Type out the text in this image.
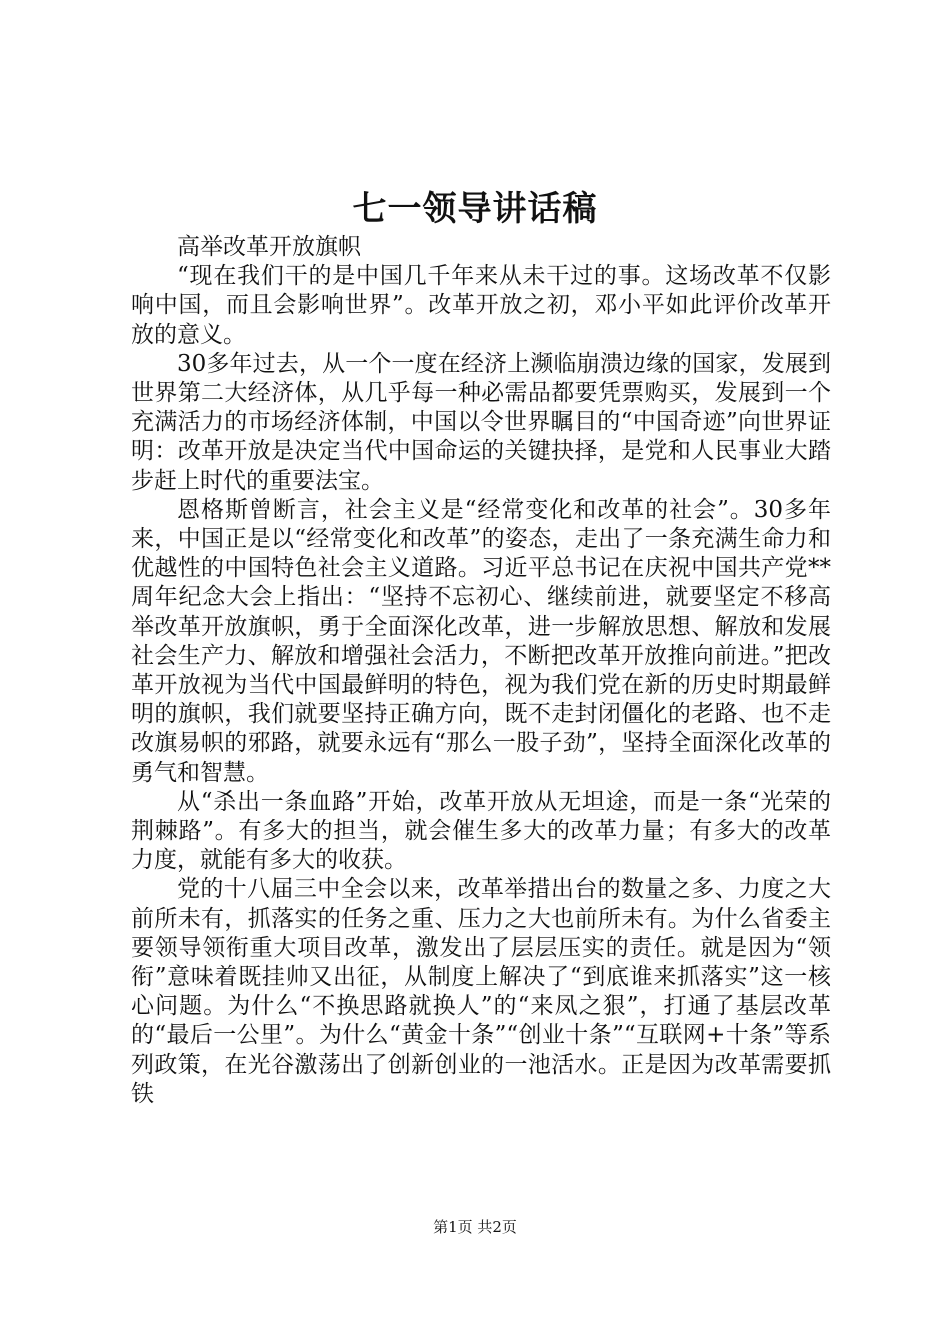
七一领导讲话稿

高举改革开放旗帜

“现在我们干的是中国几千年来从未干过的事。这场改革不仅影响中国，而且会影响世界”。改革开放之初，邓小平如此评价改革开放的意义。

30多年过去，从一个一度在经济上濒临崩溃边缘的国家，发展到世界第二大经济体，从几乎每一种必需品都要凭票购买，发展到一个充满活力的市场经济体制，中国以令世界瞩目的“中国奇迹”向世界证明：改革开放是决定当代中国命运的关键抉择，是党和人民事业大踏步赶上时代的重要法宝。

恩格斯曾断言，社会主义是“经常变化和改革的社会”。30多年来，中国正是以“经常变化和改革”的姿态，走出了一条充满生命力和优越性的中国特色社会主义道路。习近平总书记在庆祝中国共产党**周年纪念大会上指出：“坚持不忘初心、继续前进，就要坚定不移高举改革开放旗帜，勇于全面深化改革，进一步解放思想、解放和发展社会生产力、解放和增强社会活力，不断把改革开放推向前进。”把改革开放视为当代中国最鲜明的特色，视为我们党在新的历史时期最鲜明的旗帜，我们就要坚持正确方向，既不走封闭僵化的老路、也不走改旗易帜的邪路，就要永远有“那么一股子劲”，坚持全面深化改革的勇气和智慧。

从“杀出一条血路”开始，改革开放从无坦途，而是一条“光荣的荆棘路”。有多大的担当，就会催生多大的改革力量；有多大的改革力度，就能有多大的收获。

党的十八届三中全会以来，改革举措出台的数量之多、力度之大前所未有，抓落实的任务之重、压力之大也前所未有。为什么省委主要领导领衔重大项目改革，激发出了层层压实的责任。就是因为“领衔”意味着既挂帅又出征，从制度上解决了“到底谁来抓落实”这一核心问题。为什么“不换思路就换人”的“来凤之狠”，打通了基层改革的“最后一公里”。为什么“黄金十条”“创业十条”“互联网+十条”等系列政策，在光谷激荡出了创新创业的一池活水。正是因为改革需要抓铁

第1页 共2页
